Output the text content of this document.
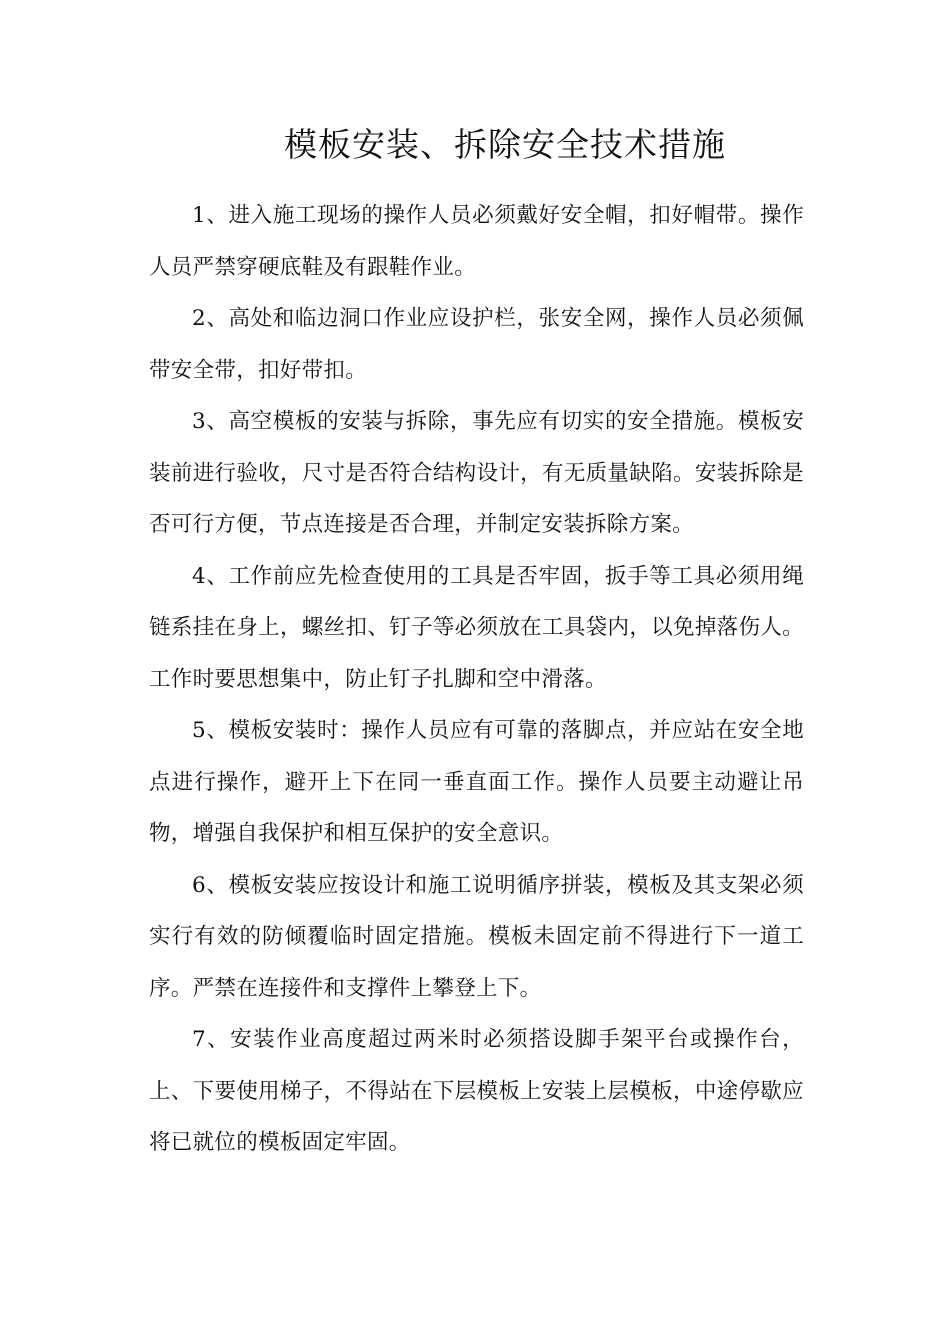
模板安装、拆除安全技术措施

1、进入施工现场的操作人员必须戴好安全帽，扣好帽带。操作人员严禁穿硬底鞋及有跟鞋作业。

2、高处和临边洞口作业应设护栏，张安全网，操作人员必须佩带安全带，扣好带扣。

3、高空模板的安装与拆除，事先应有切实的安全措施。模板安装前进行验收，尺寸是否符合结构设计，有无质量缺陷。安装拆除是否可行方便，节点连接是否合理，并制定安装拆除方案。

4、工作前应先检查使用的工具是否牢固，扳手等工具必须用绳链系挂在身上，螺丝扣、钉子等必须放在工具袋内，以免掉落伤人。工作时要思想集中，防止钉子扎脚和空中滑落。

5、模板安装时：操作人员应有可靠的落脚点，并应站在安全地点进行操作，避开上下在同一垂直面工作。操作人员要主动避让吊物，增强自我保护和相互保护的安全意识。

6、模板安装应按设计和施工说明循序拼装，模板及其支架必须实行有效的防倾覆临时固定措施。模板未固定前不得进行下一道工序。严禁在连接件和支撑件上攀登上下。

7、安装作业高度超过两米时必须搭设脚手架平台或操作台，上、下要使用梯子，不得站在下层模板上安装上层模板，中途停歇应将已就位的模板固定牢固。
